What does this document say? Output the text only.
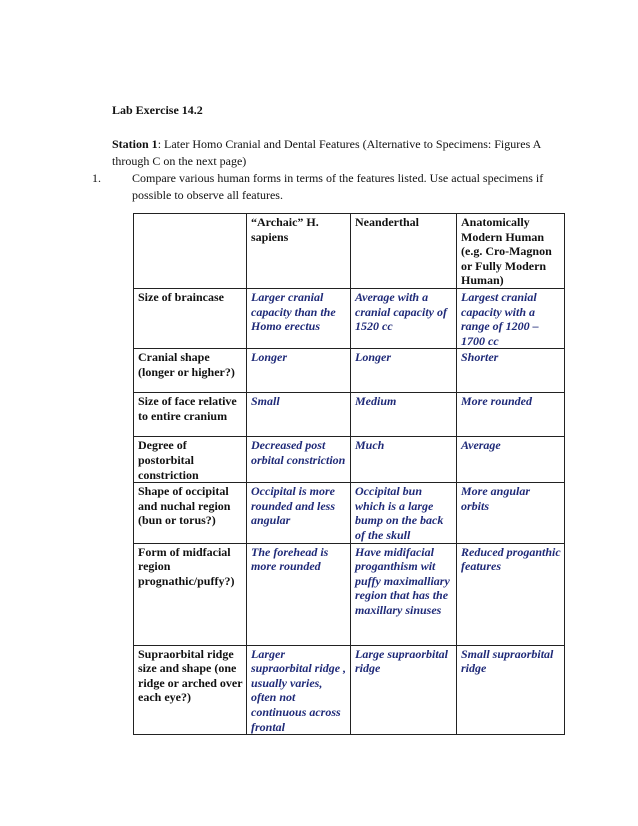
Lab Exercise 14.2
Station 1: Later Homo Cranial and Dental Features (Alternative to Specimens: Figures A through C on the next page)
1.	Compare various human forms in terms of the features listed. Use actual specimens if possible to observe all features.
	“Archaic” H. sapiens	Neanderthal	Anatomically Modern Human (e.g. Cro-Magnon or Fully Modern Human)
Size of braincase	Larger cranial capacity than the Homo erectus	Average with a cranial capacity of 1520 cc	Largest cranial capacity with a range of 1200 – 1700 cc
Cranial shape (longer or higher?)	Longer	Longer	Shorter
Size of face relative to entire cranium	Small	Medium	More rounded
Degree of postorbital constriction	Decreased post orbital constriction	Much	Average
Shape of occipital and nuchal region (bun or torus?)	Occipital is more rounded and less angular	Occipital bun which is a large bump on the back of the skull	More angular orbits
Form of midfacial region prognathic/puffy?)	The forehead is more rounded	Have midifacial proganthism wit puffy maximalliary region that has the maxillary sinuses	Reduced proganthic features
Supraorbital ridge size and shape (one ridge or arched over each eye?)	Larger supraorbital ridge , usually varies, often not continuous across frontal	Large supraorbital ridge	Small supraorbital ridge
